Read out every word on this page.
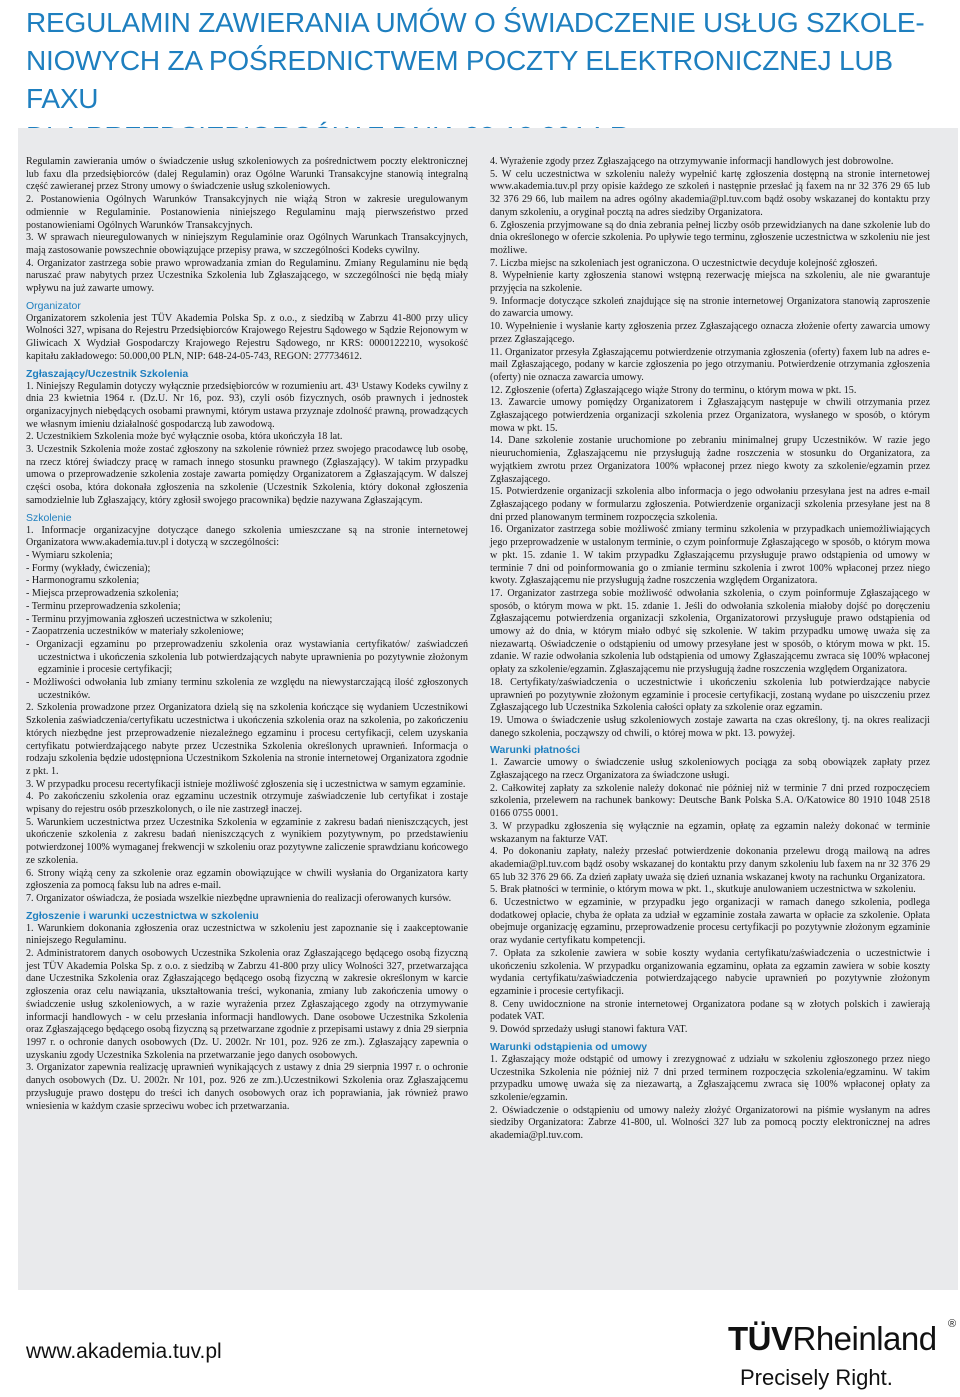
REGULAMIN ZAWIERANIA UMÓW O ŚWIADCZENIE USŁUG SZKOLE-
NIOWYCH ZA POŚREDNICTWEM POCZTY ELEKTRONICZNEJ LUB FAXU

Regulamin zawierania umów o świadczenie usług szkoleniowych za pośrednictwem poczty elektronicznej lub faxu dla przedsiębiorców (dalej Regulamin) oraz Ogólne Warunki Transakcyjne stanowią integralną część zawieranej przez Strony umowy o świadczenie usług szkoleniowych.

2. Postanowienia Ogólnych Warunków Transakcyjnych nie wiążą Stron w zakresie uregulowanym odmiennie w Regulaminie. Postanowienia niniejszego Regulaminu mają pierwszeństwo przed postanowieniami Ogólnych Warunków Transakcyjnych.

3. W sprawach nieuregulowanych w niniejszym Regulaminie oraz Ogólnych Warunkach Transakcyjnych, mają zastosowanie powszechnie obowiązujące przepisy prawa, w szczególności Kodeks cywilny.

4. Organizator zastrzega sobie prawo wprowadzania zmian do Regulaminu. Zmiany Regulaminu nie będą naruszać praw nabytych przez Uczestnika Szkolenia lub Zgłaszającego, w szczególności nie będą miały wpływu na już zawarte umowy.

Organizator

Organizatorem szkolenia jest TÜV Akademia Polska Sp. z o.o., z siedzibą w Zabrzu 41-800 przy ulicy Wolności 327, wpisana do Rejestru Przedsiębiorców Krajowego Rejestru Sądowego w Sądzie Rejonowym w Gliwicach X Wydział Gospodarczy Krajowego Rejestru Sądowego, nr KRS: 0000122210, wysokość kapitału zakładowego: 50.000,00 PLN, NIP: 648-24-05-743, REGON: 277734612.

Zgłaszający/Uczestnik Szkolenia

1. Niniejszy Regulamin dotyczy wyłącznie przedsiębiorców w rozumieniu art. 43¹ Ustawy Kodeks cywilny z dnia 23 kwietnia 1964 r. (Dz.U. Nr 16, poz. 93), czyli osób fizycznych, osób prawnych i jednostek organizacyjnych niebędących osobami prawnymi, którym ustawa przyznaje zdolność prawną, prowadzących we własnym imieniu działalność gospodarczą lub zawodową.

2. Uczestnikiem Szkolenia może być wyłącznie osoba, która ukończyła 18 lat.

3. Uczestnik Szkolenia może zostać zgłoszony na szkolenie również przez swojego pracodawcę lub osobę, na rzecz której świadczy pracę w ramach innego stosunku prawnego (Zgłaszający). W takim przypadku umowa o przeprowadzenie szkolenia zostaje zawarta pomiędzy Organizatorem a Zgłaszającym. W dalszej części osoba, która dokonała zgłoszenia na szkolenie (Uczestnik Szkolenia, który dokonał zgłoszenia samodzielnie lub Zgłaszający, który zgłosił swojego pracownika) będzie nazywana Zgłaszającym.

Szkolenie

1. Informacje organizacyjne dotyczące danego szkolenia umieszczane są na stronie internetowej Organizatora www.akademia.tuv.pl i dotyczą w szczególności:

- Wymiaru szkolenia;
- Formy (wykłady, ćwiczenia);
- Harmonogramu szkolenia;
- Miejsca przeprowadzenia szkolenia;
- Terminu przeprowadzenia szkolenia;
- Terminu przyjmowania zgłoszeń uczestnictwa w szkoleniu;
- Zaopatrzenia uczestników w materiały szkoleniowe;
- Organizacji egzaminu po przeprowadzeniu szkolenia oraz wystawiania certyfikatów/ zaświadczeń uczestnictwa i ukończenia szkolenia lub potwierdzających nabyte uprawnienia po pozytywnie złożonym egzaminie i procesie certyfikacji;
- Możliwości odwołania lub zmiany terminu szkolenia ze względu na niewystarczającą ilość zgłoszonych uczestników.

2. Szkolenia prowadzone przez Organizatora dzielą się na szkolenia kończące się wydaniem Uczestnikowi Szkolenia zaświadczenia/certyfikatu uczestnictwa i ukończenia szkolenia oraz na szkolenia, po zakończeniu których niezbędne jest przeprowadzenie niezależnego egzaminu i procesu certyfikacji, celem uzyskania certyfikatu potwierdzającego nabyte przez Uczestnika Szkolenia określonych uprawnień. Informacja o rodzaju szkolenia będzie udostępniona Uczestnikom Szkolenia na stronie internetowej Organizatora zgodnie z pkt. 1.

3. W przypadku procesu recertyfikacji istnieje możliwość zgłoszenia się i uczestnictwa w samym egzaminie.

4. Po zakończeniu szkolenia oraz egzaminu uczestnik otrzymuje zaświadczenie lub certyfikat i zostaje wpisany do rejestru osób przeszkolonych, o ile nie zastrzegł inaczej.

5. Warunkiem uczestnictwa przez Uczestnika Szkolenia w egzaminie z zakresu badań nieniszczących, jest ukończenie szkolenia z zakresu badań nieniszczących z wynikiem pozytywnym, po przedstawieniu potwierdzonej 100% wymaganej frekwencji w szkoleniu oraz pozytywne zaliczenie sprawdzianu końcowego ze szkolenia.

6. Strony wiążą ceny za szkolenie oraz egzamin obowiązujące w chwili wysłania do Organizatora karty zgłoszenia za pomocą faksu lub na adres e-mail.

7. Organizator oświadcza, że posiada wszelkie niezbędne uprawnienia do realizacji oferowanych kursów.

Zgłoszenie i warunki uczestnictwa w szkoleniu

1. Warunkiem dokonania zgłoszenia oraz uczestnictwa w szkoleniu jest zapoznanie się i zaakceptowanie niniejszego Regulaminu.

2. Administratorem danych osobowych Uczestnika Szkolenia oraz Zgłaszającego będącego osobą fizyczną jest TÜV Akademia Polska Sp. z o.o. z siedzibą w Zabrzu 41-800 przy ulicy Wolności 327, przetwarzająca dane Uczestnika Szkolenia oraz Zgłaszającego będącego osobą fizyczną w zakresie określonym w karcie zgłoszenia oraz celu nawiązania, ukształtowania treści, wykonania, zmiany lub zakończenia umowy o świadczenie usług szkoleniowych, a w razie wyrażenia przez Zgłaszającego zgody na otrzymywanie informacji handlowych - w celu przesłania informacji handlowych. Dane osobowe Uczestnika Szkolenia oraz Zgłaszającego będącego osobą fizyczną są przetwarzane zgodnie z przepisami ustawy z dnia 29 sierpnia 1997 r. o ochronie danych osobowych (Dz. U. 2002r. Nr 101, poz. 926 ze zm.). Zgłaszający zapewnia o uzyskaniu zgody Uczestnika Szkolenia na przetwarzanie jego danych osobowych.

3. Organizator zapewnia realizację uprawnień wynikających z ustawy z dnia 29 sierpnia 1997 r. o ochronie danych osobowych (Dz. U. 2002r. Nr 101, poz. 926 ze zm.).Uczestnikowi Szkolenia oraz Zgłaszającemu przysługuje prawo dostępu do treści ich danych osobowych oraz ich poprawiania, jak również prawo wniesienia w każdym czasie sprzeciwu wobec ich przetwarzania.

4. Wyrażenie zgody przez Zgłaszającego na otrzymywanie informacji handlowych jest dobrowolne.

5. W celu uczestnictwa w szkoleniu należy wypełnić kartę zgłoszenia dostępną na stronie internetowej www.akademia.tuv.pl przy opisie każdego ze szkoleń i następnie przesłać ją faxem na nr 32 376 29 65 lub 32 376 29 66, lub mailem na adres ogólny akademia@pl.tuv.com bądź osoby wskazanej do kontaktu przy danym szkoleniu, a oryginał pocztą na adres siedziby Organizatora.

6. Zgłoszenia przyjmowane są do dnia zebrania pełnej liczby osób przewidzianych na dane szkolenie lub do dnia określonego w ofercie szkolenia. Po upływie tego terminu, zgłoszenie uczestnictwa w szkoleniu nie jest możliwe.

7. Liczba miejsc na szkoleniach jest ograniczona. O uczestnictwie decyduje kolejność zgłoszeń.

8. Wypełnienie karty zgłoszenia stanowi wstępną rezerwację miejsca na szkoleniu, ale nie gwarantuje przyjęcia na szkolenie.

9. Informacje dotyczące szkoleń znajdujące się na stronie internetowej Organizatora stanowią zaproszenie do zawarcia umowy.

10. Wypełnienie i wysłanie karty zgłoszenia przez Zgłaszającego oznacza złożenie oferty zawarcia umowy przez Zgłaszającego.

11. Organizator przesyła Zgłaszającemu potwierdzenie otrzymania zgłoszenia (oferty) faxem lub na adres e-mail Zgłaszającego, podany w karcie zgłoszenia po jego otrzymaniu. Potwierdzenie otrzymania zgłoszenia (oferty) nie oznacza zawarcia umowy.

12. Zgłoszenie (oferta) Zgłaszającego wiąże Strony do terminu, o którym mowa w pkt. 15.

13. Zawarcie umowy pomiędzy Organizatorem i Zgłaszającym następuje w chwili otrzymania przez Zgłaszającego potwierdzenia organizacji szkolenia przez Organizatora, wysłanego w sposób, o którym mowa w pkt. 15.

14. Dane szkolenie zostanie uruchomione po zebraniu minimalnej grupy Uczestników. W razie jego nieuruchomienia, Zgłaszającemu nie przysługują żadne roszczenia w stosunku do Organizatora, za wyjątkiem zwrotu przez Organizatora 100% wpłaconej przez niego kwoty za szkolenie/egzamin przez Zgłaszającego.

15. Potwierdzenie organizacji szkolenia albo informacja o jego odwołaniu przesyłana jest na adres e-mail Zgłaszającego podany w formularzu zgłoszenia. Potwierdzenie organizacji szkolenia przesyłane jest na 8 dni przed planowanym terminem rozpoczęcia szkolenia.

16. Organizator zastrzega sobie możliwość zmiany terminu szkolenia w przypadkach uniemożliwiających jego przeprowadzenie w ustalonym terminie, o czym poinformuje Zgłaszającego w sposób, o którym mowa w pkt. 15. zdanie 1. W takim przypadku Zgłaszającemu przysługuje prawo odstąpienia od umowy w terminie 7 dni od poinformowania go o zmianie terminu szkolenia i zwrot 100% wpłaconej przez niego kwoty. Zgłaszającemu nie przysługują żadne roszczenia względem Organizatora.

17. Organizator zastrzega sobie możliwość odwołania szkolenia, o czym poinformuje Zgłaszającego w sposób, o którym mowa w pkt. 15. zdanie 1. Jeśli do odwołania szkolenia miałoby dojść po doręczeniu Zgłaszającemu potwierdzenia organizacji szkolenia, Organizatorowi przysługuje prawo odstąpienia od umowy aż do dnia, w którym miało odbyć się szkolenie. W takim przypadku umowę uważa się za niezawartą. Oświadczenie o odstąpieniu od umowy przesyłane jest w sposób, o którym mowa w pkt. 15. zdanie. W razie odwołania szkolenia lub odstąpienia od umowy Zgłaszającemu zwraca się 100% wpłaconej opłaty za szkolenie/egzamin. Zgłaszającemu nie przysługują żadne roszczenia względem Organizatora.

18. Certyfikaty/zaświadczenia o uczestnictwie i ukończeniu szkolenia lub potwierdzające nabycie uprawnień po pozytywnie złożonym egzaminie i procesie certyfikacji, zostaną wydane po uiszczeniu przez Zgłaszającego lub Uczestnika Szkolenia całości opłaty za szkolenie oraz egzamin.

19. Umowa o świadczenie usług szkoleniowych zostaje zawarta na czas określony, tj. na okres realizacji danego szkolenia, począwszy od chwili, o której mowa w pkt. 13. powyżej.

Warunki płatności

1. Zawarcie umowy o świadczenie usług szkoleniowych pociąga za sobą obowiązek zapłaty przez Zgłaszającego na rzecz Organizatora za świadczone usługi.

2. Całkowitej zapłaty za szkolenie należy dokonać nie później niż w terminie 7 dni przed rozpoczęciem szkolenia, przelewem na rachunek bankowy: Deutsche Bank Polska S.A. O/Katowice 80 1910 1048 2518 0166 0755 0001.

3. W przypadku zgłoszenia się wyłącznie na egzamin, opłatę za egzamin należy dokonać w terminie wskazanym na fakturze VAT.

4. Po dokonaniu zapłaty, należy przesłać potwierdzenie dokonania przelewu drogą mailową na adres akademia@pl.tuv.com bądź osoby wskazanej do kontaktu przy danym szkoleniu lub faxem na nr 32 376 29 65 lub 32 376 29 66. Za dzień zapłaty uważa się dzień uznania wskazanej kwoty na rachunku Organizatora.

5. Brak płatności w terminie, o którym mowa w pkt. 1., skutkuje anulowaniem uczestnictwa w szkoleniu.

6. Uczestnictwo w egzaminie, w przypadku jego organizacji w ramach danego szkolenia, podlega dodatkowej opłacie, chyba że opłata za udział w egzaminie została zawarta w opłacie za szkolenie. Opłata obejmuje organizację egzaminu, przeprowadzenie procesu certyfikacji po pozytywnie złożonym egzaminie oraz wydanie certyfikatu kompetencji.

7. Opłata za szkolenie zawiera w sobie koszty wydania certyfikatu/zaświadczenia o uczestnictwie i ukończeniu szkolenia. W przypadku organizowania egzaminu, opłata za egzamin zawiera w sobie koszty wydania certyfikatu/zaświadczenia potwierdzającego nabycie uprawnień po pozytywnie złożonym egzaminie i procesie certyfikacji.

8. Ceny uwidocznione na stronie internetowej Organizatora podane są w złotych polskich i zawierają podatek VAT.

9. Dowód sprzedaży usługi stanowi faktura VAT.

Warunki odstąpienia od umowy

1. Zgłaszający może odstąpić od umowy i zrezygnować z udziału w szkoleniu zgłoszonego przez niego Uczestnika Szkolenia nie później niż 7 dni przed terminem rozpoczęcia szkolenia/egzaminu. W takim przypadku umowę uważa się za niezawartą, a Zgłaszającemu zwraca się 100% wpłaconej opłaty za szkolenie/egzamin.

2. Oświadczenie o odstąpieniu od umowy należy złożyć Organizatorowi na piśmie wysłanym na adres siedziby Organizatora: Zabrze 41-800, ul. Wolności 327 lub za pomocą poczty elektronicznej na adres akademia@pl.tuv.com.

www.akademia.tuv.pl	TÜVRheinland ®
Precisely Right.
